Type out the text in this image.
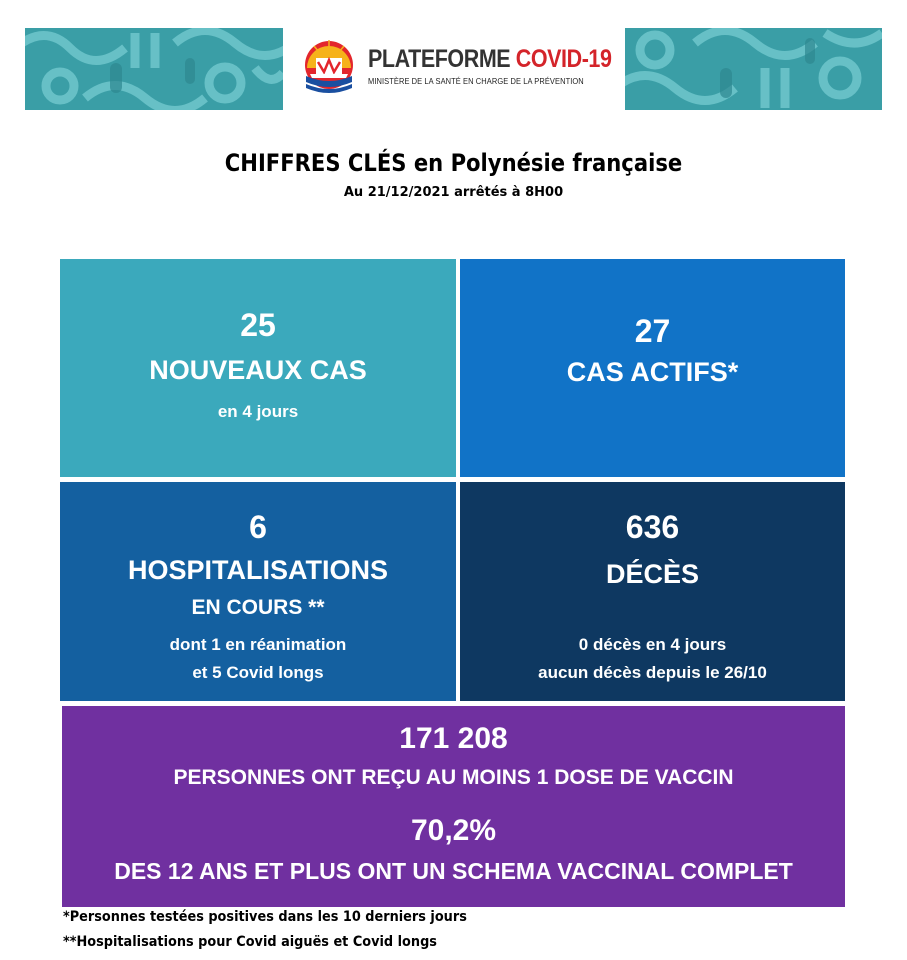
PLATEFORME COVID-19
MINISTÈRE DE LA SANTÉ EN CHARGE DE LA PRÉVENTION
CHIFFRES CLÉS en Polynésie française
Au 21/12/2021 arrêtés à 8H00
25
NOUVEAUX CAS
en 4 jours
27
CAS ACTIFS*
6
HOSPITALISATIONS
EN COURS **
dont 1 en réanimation
et 5 Covid longs
636
DÉCÈS
0 décès en 4 jours
aucun décès depuis le 26/10
171 208
PERSONNES ONT REÇU AU MOINS 1 DOSE DE VACCIN
70,2%
DES 12 ANS ET PLUS ONT UN SCHEMA VACCINAL COMPLET
*Personnes testées positives dans les 10 derniers jours
**Hospitalisations pour Covid aiguës et Covid longs
